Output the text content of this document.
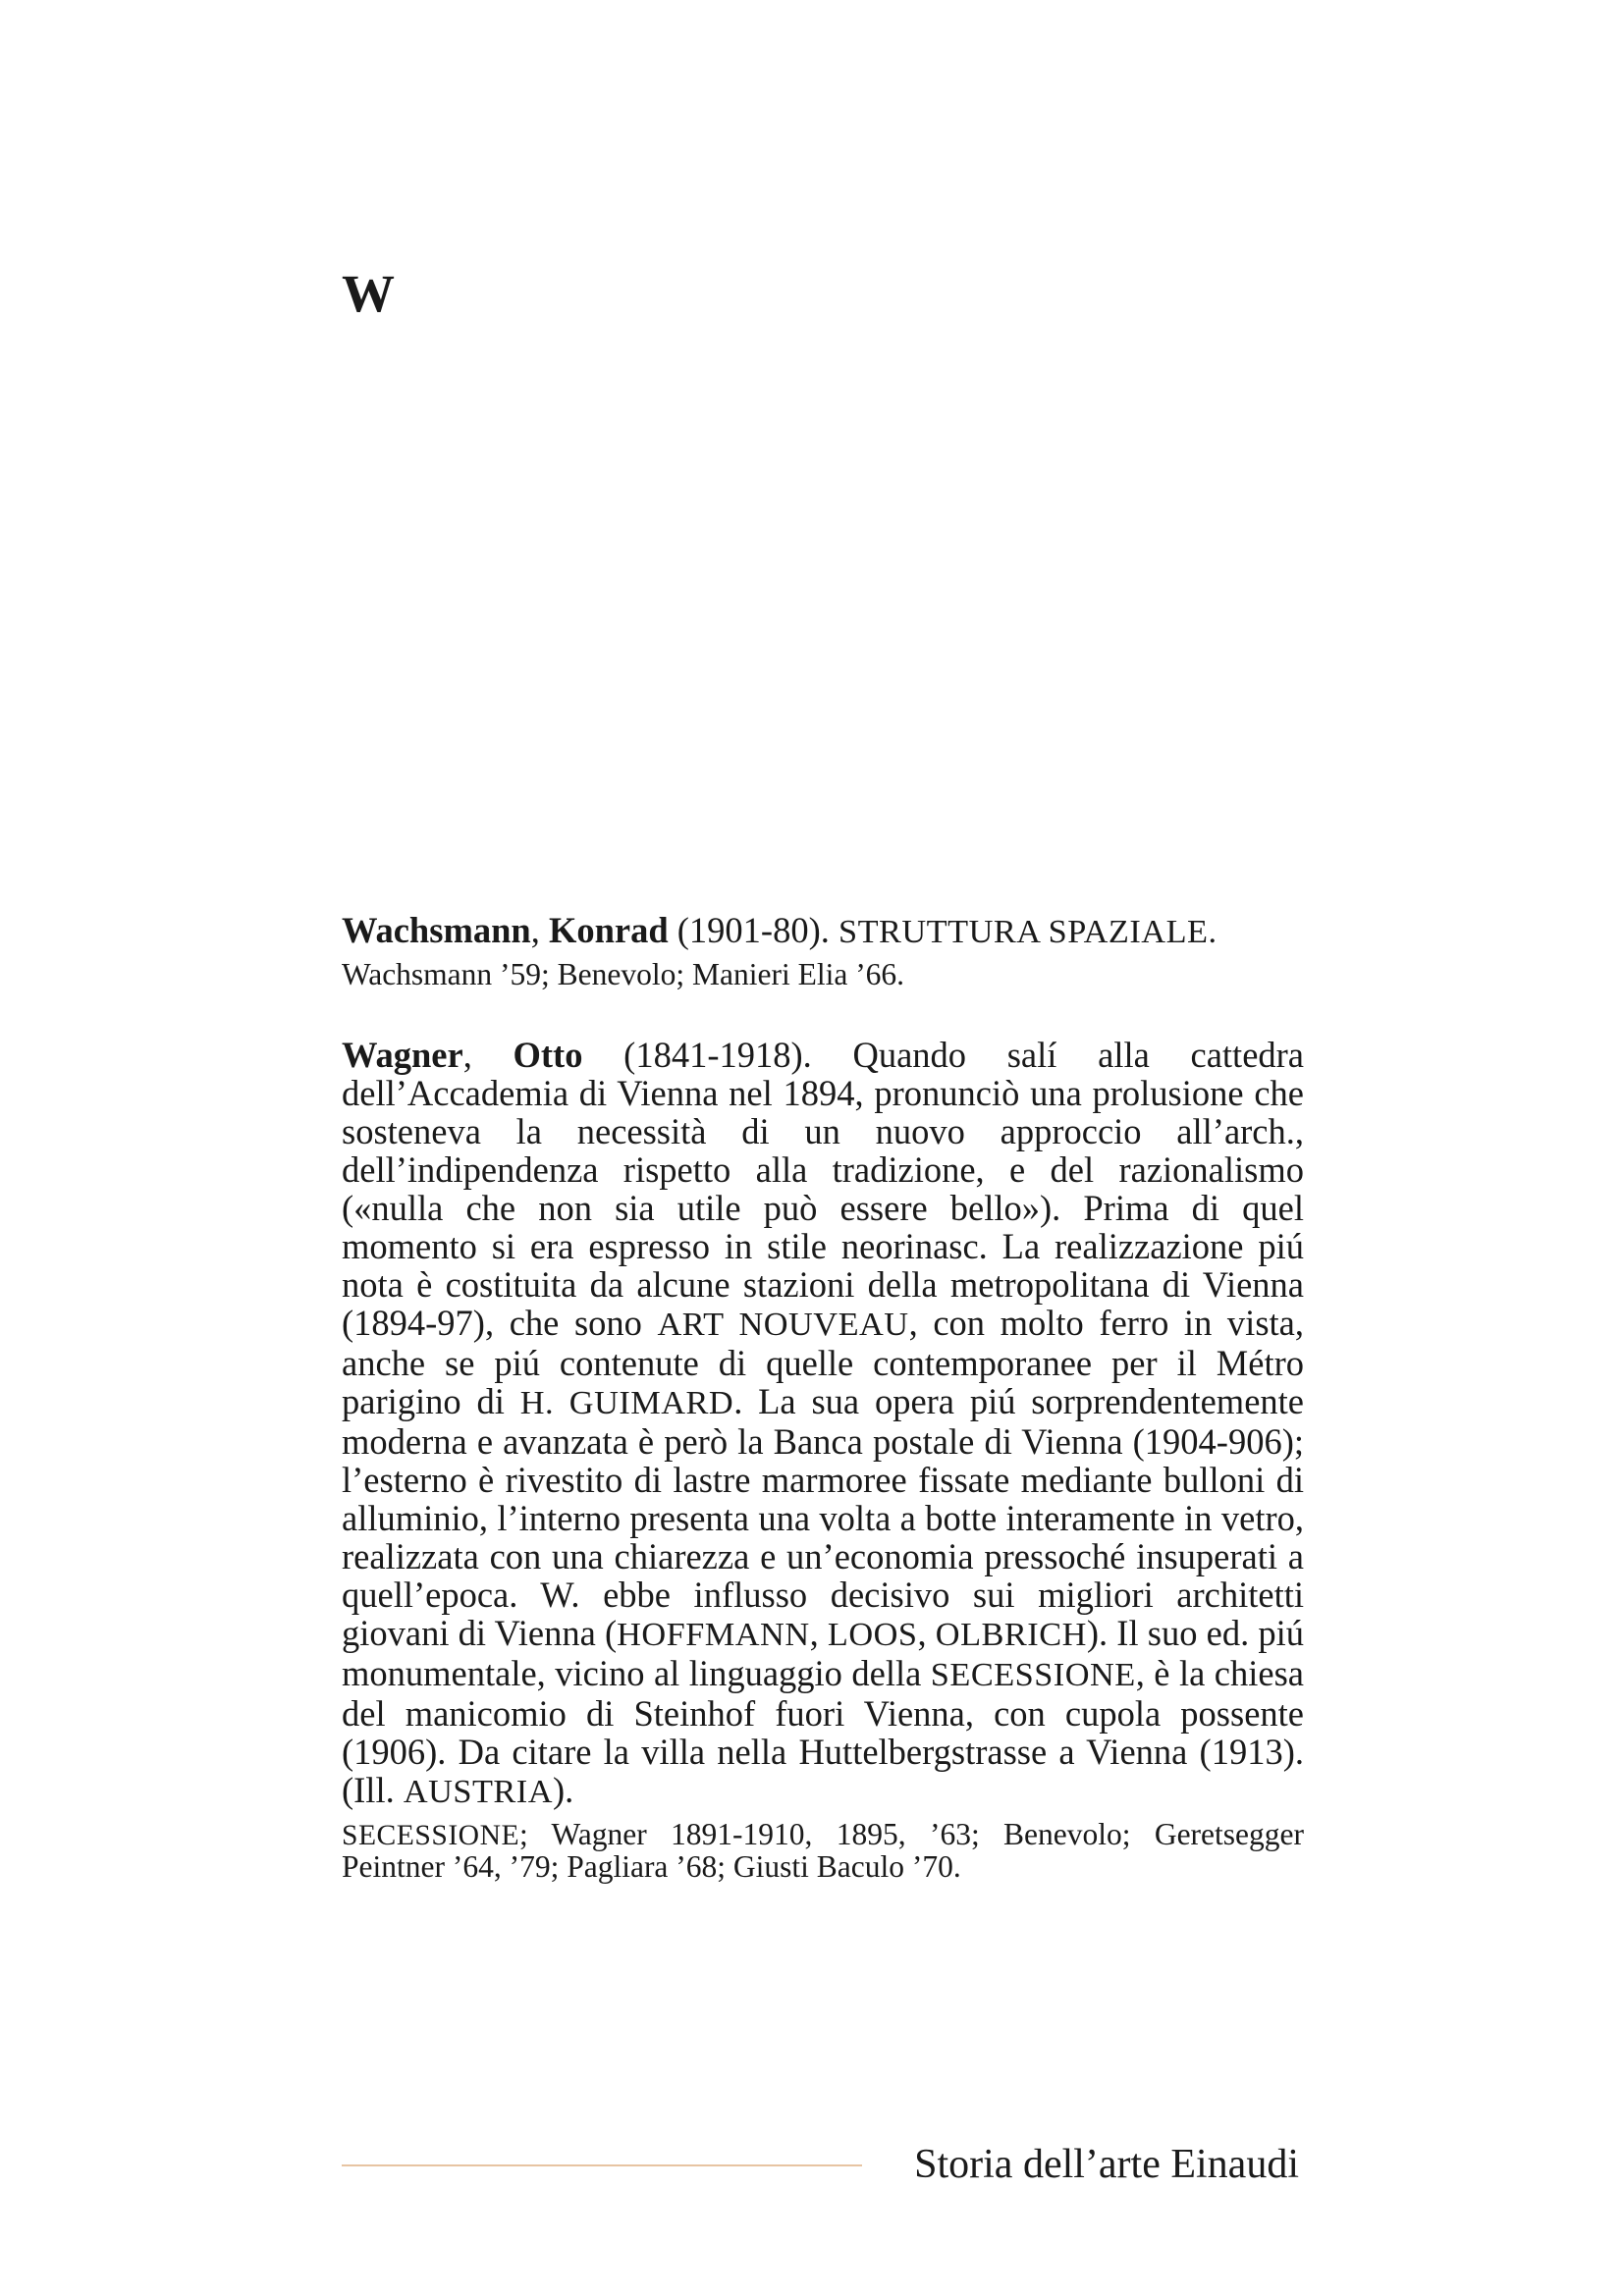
W

Wachsmann, Konrad (1901-80). STRUTTURA SPAZIALE.

Wachsmann ’59; Benevolo; Manieri Elia ’66.

Wagner, Otto (1841-1918). Quando salí alla cattedra dell’Accademia di Vienna nel 1894, pronunciò una prolusione che sosteneva la necessità di un nuovo approccio all’arch., dell’indipendenza rispetto alla tradizione, e del razionalismo («nulla che non sia utile può essere bello»). Prima di quel momento si era espresso in stile neorinasc. La realizzazione piú nota è costituita da alcune stazioni della metropolitana di Vienna (1894-97), che sono ART NOUVEAU, con molto ferro in vista, anche se piú contenute di quelle contemporanee per il Métro parigino di H. GUIMARD. La sua opera piú sorprendentemente moderna e avanzata è però la Banca postale di Vienna (1904-906); l’esterno è rivestito di lastre marmoree fissate mediante bulloni di alluminio, l’interno presenta una volta a botte interamente in vetro, realizzata con una chiarezza e un’economia pressoché insuperati a quell’epoca. W. ebbe influsso decisivo sui migliori architetti giovani di Vienna (HOFFMANN, LOOS, OLBRICH). Il suo ed. piú monumentale, vicino al linguaggio della SECESSIONE, è la chiesa del manicomio di Steinhof fuori Vienna, con cupola possente (1906). Da citare la villa nella Huttelbergstrasse a Vienna (1913). (Ill. AUSTRIA).

SECESSIONE; Wagner 1891-1910, 1895, ’63; Benevolo; Geretsegger Peintner ’64, ’79; Pagliara ’68; Giusti Baculo ’70.

Storia dell’arte Einaudi
